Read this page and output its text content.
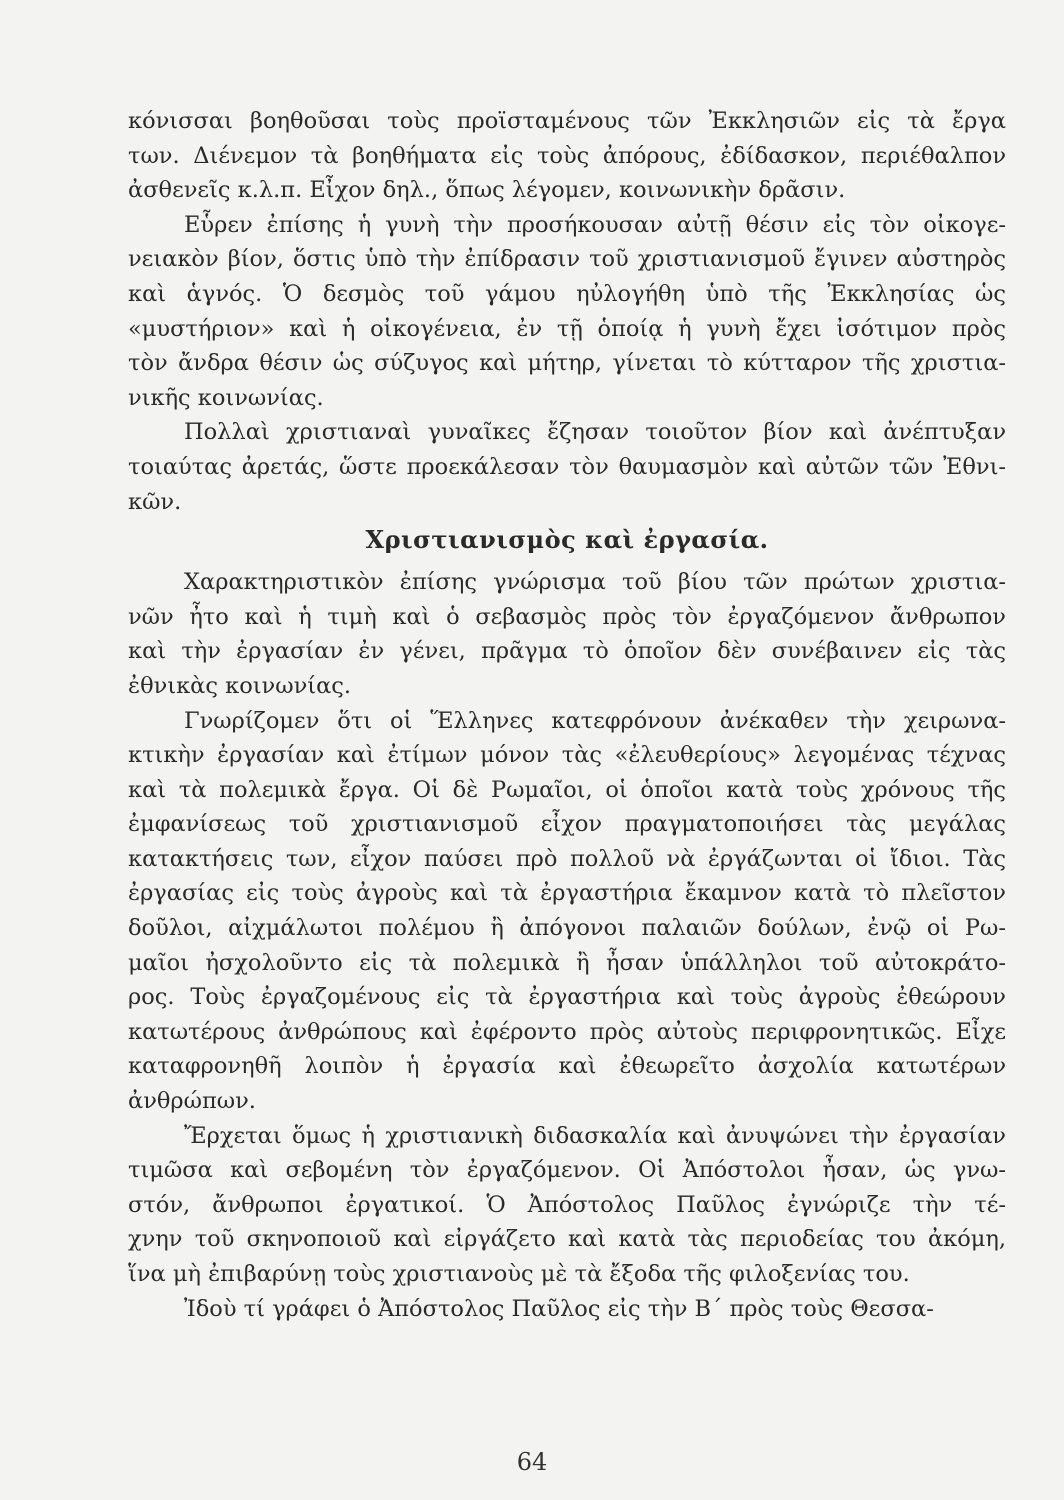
κόνισσαι βοηθοῦσαι τοὺς προϊσταμένους τῶν Ἐκκλησιῶν εἰς τὰ ἔργα
των. Διένεμον τὰ βοηθήματα εἰς τοὺς ἀπόρους, ἐδίδασκον, περιέθαλπον
ἀσθενεῖς κ.λ.π. Εἶχον δηλ., ὅπως λέγομεν, κοινωνικὴν δρᾶσιν.
Εὗρεν ἐπίσης ἡ γυνὴ τὴν προσήκουσαν αὐτῇ θέσιν εἰς τὸν οἰκογε-
νειακὸν βίον, ὅστις ὑπὸ τὴν ἐπίδρασιν τοῦ χριστιανισμοῦ ἔγινεν αὐστηρὸς
καὶ ἁγνός. Ὁ δεσμὸς τοῦ γάμου ηὐλογήθη ὑπὸ τῆς Ἐκκλησίας ὡς
«μυστήριον» καὶ ἡ οἰκογένεια, ἐν τῇ ὁποίᾳ ἡ γυνὴ ἔχει ἰσότιμον πρὸς
τὸν ἄνδρα θέσιν ὡς σύζυγος καὶ μήτηρ, γίνεται τὸ κύτταρον τῆς χριστια-
νικῆς κοινωνίας.
Πολλαὶ χριστιαναὶ γυναῖκες ἔζησαν τοιοῦτον βίον καὶ ἀνέπτυξαν
τοιαύτας ἀρετάς, ὥστε προεκάλεσαν τὸν θαυμασμὸν καὶ αὐτῶν τῶν Ἐθνι-
κῶν.
Χριστιανισμὸς καὶ ἐργασία.
Χαρακτηριστικὸν ἐπίσης γνώρισμα τοῦ βίου τῶν πρώτων χριστια-
νῶν ἦτο καὶ ἡ τιμὴ καὶ ὁ σεβασμὸς πρὸς τὸν ἐργαζόμενον ἄνθρωπον
καὶ τὴν ἐργασίαν ἐν γένει, πρᾶγμα τὸ ὁποῖον δὲν συνέβαινεν εἰς τὰς
ἐθνικὰς κοινωνίας.
Γνωρίζομεν ὅτι οἱ Ἕλληνες κατεφρόνουν ἀνέκαθεν τὴν χειρωνα-
κτικὴν ἐργασίαν καὶ ἐτίμων μόνον τὰς «ἐλευθερίους» λεγομένας τέχνας
καὶ τὰ πολεμικὰ ἔργα. Οἱ δὲ Ρωμαῖοι, οἱ ὁποῖοι κατὰ τοὺς χρόνους τῆς
ἐμφανίσεως τοῦ χριστιανισμοῦ εἶχον πραγματοποιήσει τὰς μεγάλας
κατακτήσεις των, εἶχον παύσει πρὸ πολλοῦ νὰ ἐργάζωνται οἱ ἴδιοι. Τὰς
ἐργασίας εἰς τοὺς ἀγροὺς καὶ τὰ ἐργαστήρια ἔκαμνον κατὰ τὸ πλεῖστον
δοῦλοι, αἰχμάλωτοι πολέμου ἢ ἀπόγονοι παλαιῶν δούλων, ἐνῷ οἱ Ρω-
μαῖοι ἠσχολοῦντο εἰς τὰ πολεμικὰ ἢ ἦσαν ὑπάλληλοι τοῦ αὐτοκράτο-
ρος. Τοὺς ἐργαζομένους εἰς τὰ ἐργαστήρια καὶ τοὺς ἀγροὺς ἐθεώρουν
κατωτέρους ἀνθρώπους καὶ ἐφέροντο πρὸς αὐτοὺς περιφρονητικῶς. Εἶχε
καταφρονηθῆ λοιπὸν ἡ ἐργασία καὶ ἐθεωρεῖτο ἀσχολία κατωτέρων
ἀνθρώπων.
Ἔρχεται ὅμως ἡ χριστιανικὴ διδασκαλία καὶ ἀνυψώνει τὴν ἐργασίαν
τιμῶσα καὶ σεβομένη τὸν ἐργαζόμενον. Οἱ Ἀπόστολοι ἦσαν, ὡς γνω-
στόν, ἄνθρωποι ἐργατικοί. Ὁ Ἀπόστολος Παῦλος ἐγνώριζε τὴν τέ-
χνην τοῦ σκηνοποιοῦ καὶ εἰργάζετο καὶ κατὰ τὰς περιοδείας του ἀκόμη,
ἵνα μὴ ἐπιβαρύνῃ τοὺς χριστιανοὺς μὲ τὰ ἔξοδα τῆς φιλοξενίας του.
Ἰδοὺ τί γράφει ὁ Ἀπόστολος Παῦλος εἰς τὴν Β΄ πρὸς τοὺς Θεσσα-
64
